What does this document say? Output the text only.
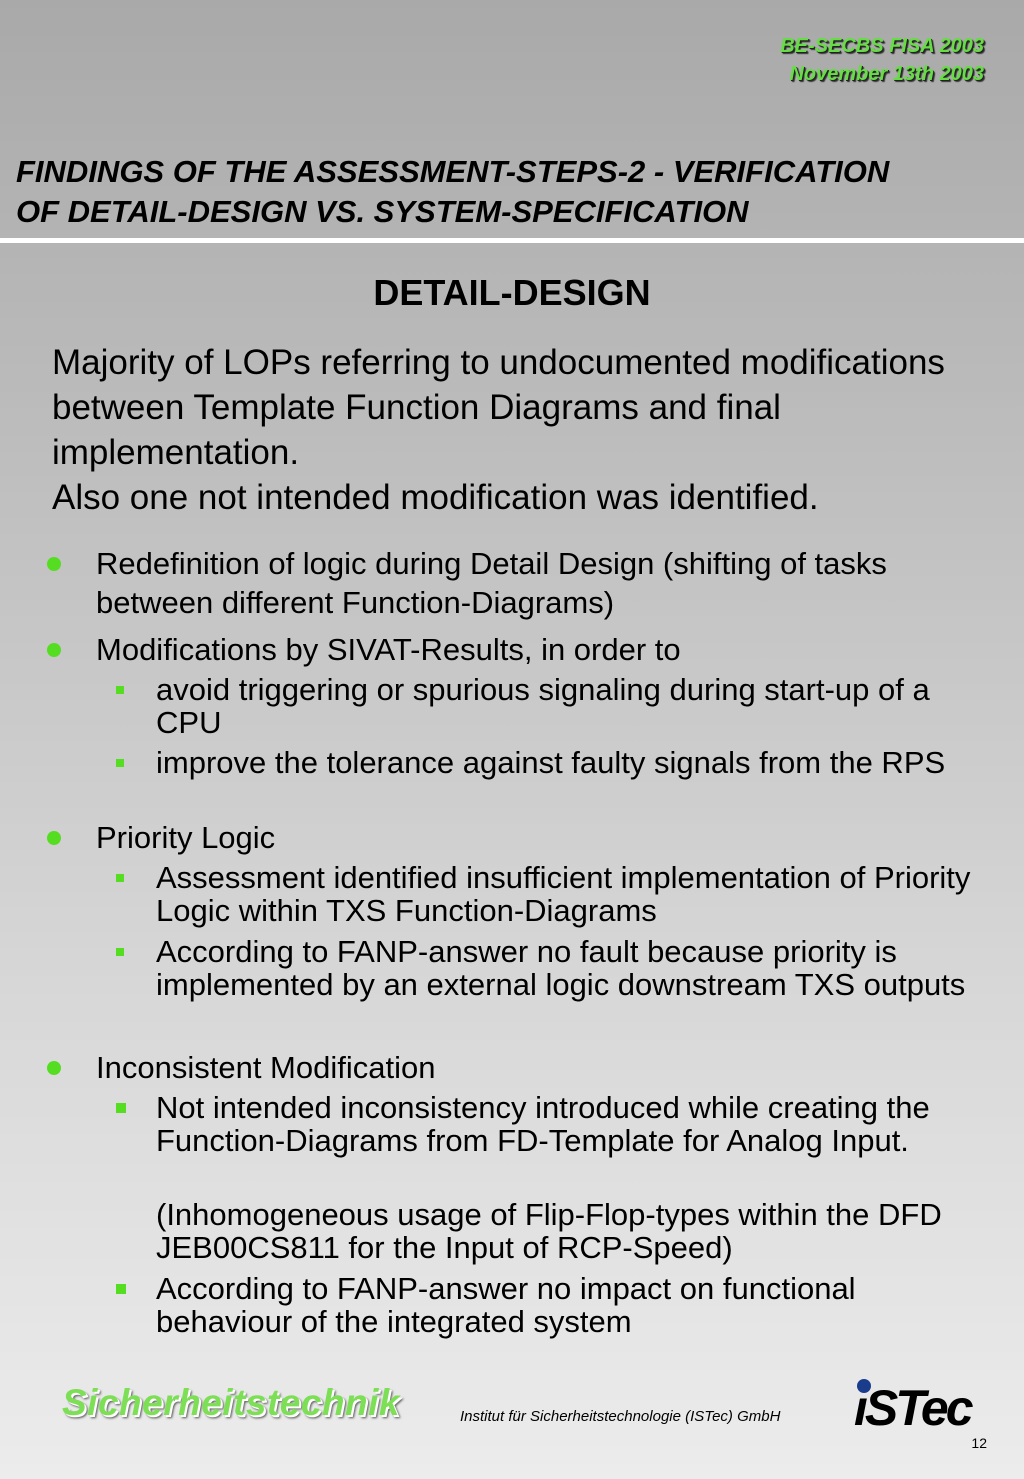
BE-SECBS FISA 2003
November 13th 2003
FINDINGS OF THE ASSESSMENT-STEPS-2 - VERIFICATION
OF DETAIL-DESIGN VS. SYSTEM-SPECIFICATION
DETAIL-DESIGN

Majority of LOPs referring to undocumented modifications between Template Function Diagrams and final implementation.

Also one not intended modification was identified.

Redefinition of logic during Detail Design (shifting of tasks between different Function-Diagrams)
Modifications by SIVAT-Results, in order to
avoid triggering or spurious signaling during start-up of a CPU
improve the tolerance against faulty signals from the RPS
Priority Logic
Assessment identified insufficient implementation of Priority Logic within TXS Function-Diagrams
According to FANP-answer no fault because priority is implemented by an external logic downstream TXS outputs
Inconsistent Modification
Not intended inconsistency introduced while creating the Function-Diagrams from FD-Template for Analog Input.
(Inhomogeneous usage of Flip-Flop-types within the DFD JEB00CS811 for the Input of RCP-Speed)
According to FANP-answer no impact on functional behaviour of the integrated system
Sicherheitstechnik	Institut für Sicherheitstechnologie (ISTec) GmbH ıSTec
12
